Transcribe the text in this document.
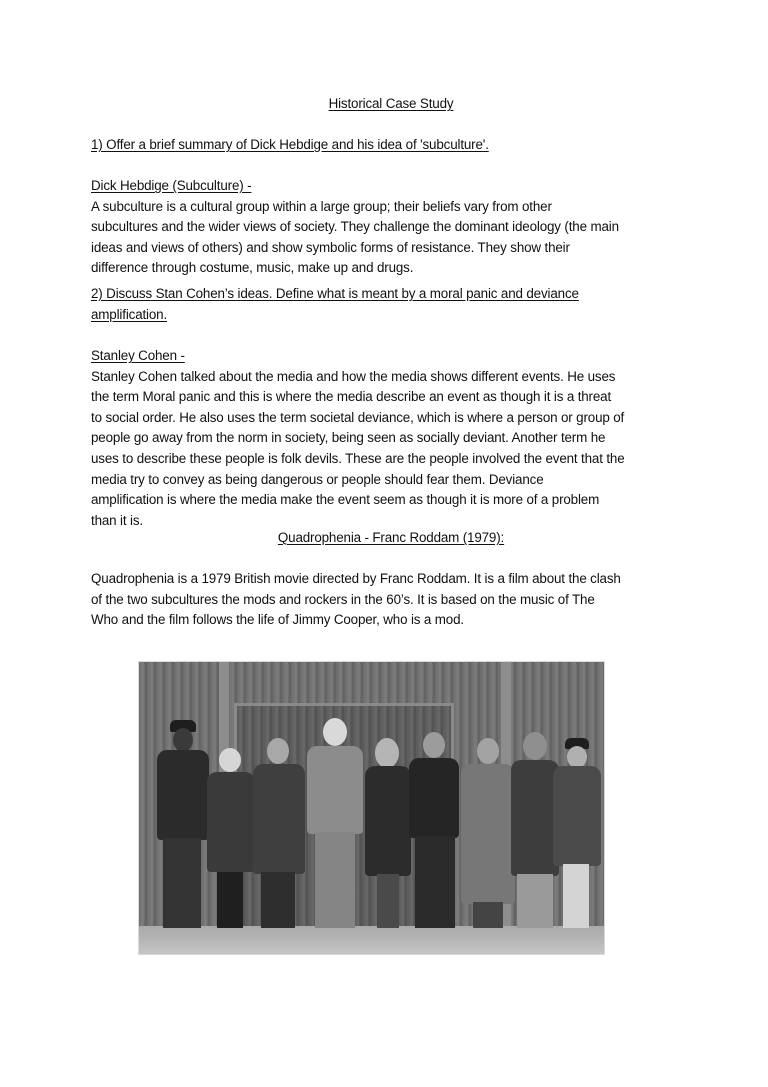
Historical Case Study
1) Offer a brief summary of Dick Hebdige and his idea of 'subculture'.
Dick Hebdige (Subculture) -
A subculture is a cultural group within a large group; their beliefs vary from other
subcultures and the wider views of society. They challenge the dominant ideology (the main
ideas and views of others) and show symbolic forms of resistance. They show their
difference through costume, music, make up and drugs.
2) Discuss Stan Cohen’s ideas. Define what is meant by a moral panic and deviance
amplification.
Stanley Cohen -
Stanley Cohen talked about the media and how the media shows different events. He uses
the term Moral panic and this is where the media describe an event as though it is a threat
to social order. He also uses the term societal deviance, which is where a person or group of
people go away from the norm in society, being seen as socially deviant. Another term he
uses to describe these people is folk devils. These are the people involved the event that the
media try to convey as being dangerous or people should fear them. Deviance
amplification is where the media make the event seem as though it is more of a problem
than it is.
Quadrophenia - Franc Roddam (1979):
Quadrophenia is a 1979 British movie directed by Franc Roddam. It is a film about the clash
of the two subcultures the mods and rockers in the 60’s. It is based on the music of The
Who and the film follows the life of Jimmy Cooper, who is a mod.
